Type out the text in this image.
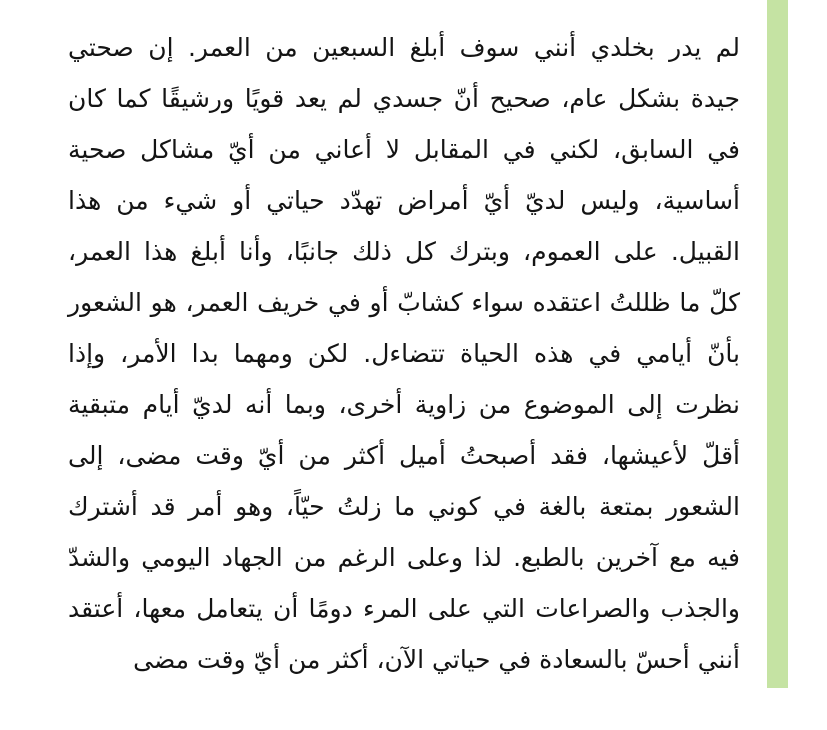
لم يدر بخلدي أنني سوف أبلغ السبعين من العمر. إن صحتي
جيدة بشكل عام، صحيح أنّ جسدي لم يعد قويًا ورشيقًا كما كان
في السابق، لكني في المقابل لا أعاني من أيّ مشاكل صحية
أساسية، وليس لديّ أيّ أمراض تهدّد حياتي أو شيء من هذا
القبيل. على العموم، وبترك كل ذلك جانبًا، وأنا أبلغ هذا العمر،
كلّ ما ظللتُ اعتقده سواء كشابّ أو في خريف العمر، هو الشعور
بأنّ أيامي في هذه الحياة تتضاءل. لكن ومهما بدا الأمر، وإذا
نظرت إلى الموضوع من زاوية أخرى، وبما أنه لديّ أيام متبقية
أقلّ لأعيشها، فقد أصبحتُ أميل أكثر من أيّ وقت مضى، إلى
الشعور بمتعة بالغة في كوني ما زلتُ حيّاً، وهو أمر قد أشترك
فيه مع آخرين بالطبع. لذا وعلى الرغم من الجهاد اليومي والشدّ
والجذب والصراعات التي على المرء دومًا أن يتعامل معها، أعتقد
أنني أحسّ بالسعادة في حياتي الآن، أكثر من أيّ وقت مضى
